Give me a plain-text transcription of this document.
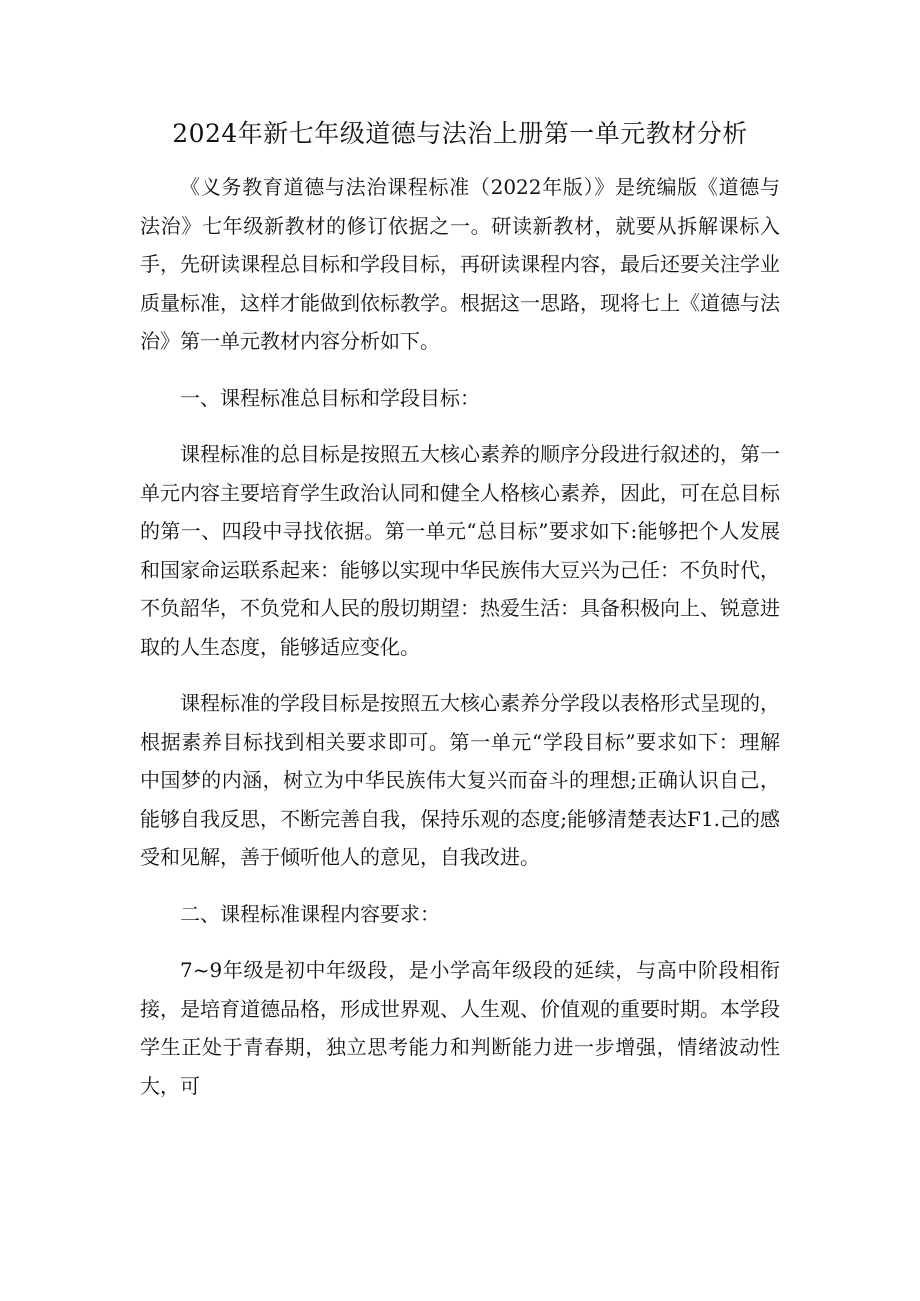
2024年新七年级道德与法治上册第一单元教材分析

《义务教育道德与法治课程标准（2022年版）》是统编版《道德与法治》七年级新教材的修订依据之一。研读新教材，就要从拆解课标入手，先研读课程总目标和学段目标，再研读课程内容，最后还要关注学业质量标准，这样才能做到依标教学。根据这一思路，现将七上《道德与法治》第一单元教材内容分析如下。

一、课程标准总目标和学段目标：

课程标准的总目标是按照五大核心素养的顺序分段进行叙述的，第一单元内容主要培育学生政治认同和健全人格核心素养，因此，可在总目标的第一、四段中寻找依据。第一单元“总目标”要求如下:能够把个人发展和国家命运联系起来：能够以实现中华民族伟大豆兴为己任：不负时代，不负韶华，不负党和人民的殷切期望：热爱生活：具备积极向上、锐意进取的人生态度，能够适应变化。

课程标准的学段目标是按照五大核心素养分学段以表格形式呈现的，根据素养目标找到相关要求即可。第一单元“学段目标”要求如下：理解中国梦的内涵，树立为中华民族伟大复兴而奋斗的理想;正确认识自己，能够自我反思，不断完善自我，保持乐观的态度;能够清楚表达F1.己的感受和见解，善于倾听他人的意见，自我改进。

二、课程标准课程内容要求：

7~9年级是初中年级段，是小学高年级段的延续，与高中阶段相衔接，是培育道德品格，形成世界观、人生观、价值观的重要时期。本学段学生正处于青春期，独立思考能力和判断能力进一步增强，情绪波动性大，可
